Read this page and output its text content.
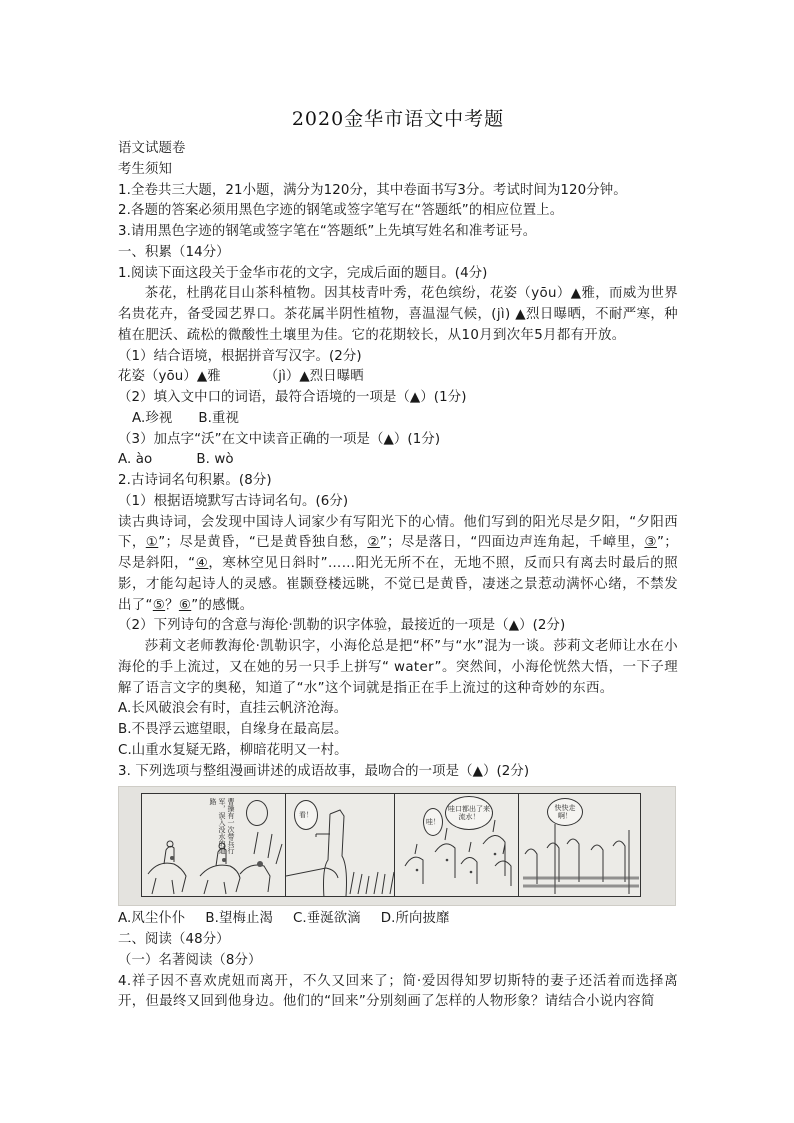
2020金华市语文中考题
语文试题卷
考生须知
1.全卷共三大题，21小题，满分为120分，其中卷面书写3分。考试时间为120分钟。
2.各题的答案必须用黑色字迹的钢笔或签字笔写在“答题纸”的相应位置上。
3.请用黑色字迹的钢笔或签字笔在“答题纸”上先填写姓名和准考证号。
一、积累（14分）
1.阅读下面这段关于金华市花的文字，完成后面的题目。(4分)
茶花，杜鹃花目山茶科植物。因其枝青叶秀，花色缤纷，花姿（yōu）▲雅，而威为世界名贵花卉，备受园艺界口。茶花属半阴性植物，喜温湿气候，(jì) ▲烈日曝晒，不耐严寒，种植在肥沃、疏松的微酸性土壤里为佳。它的花期较长，从10月到次年5月都有开放。
（1）结合语境，根据拼音写汉字。(2分)
花姿（yōu）▲雅	（jì）▲烈日曝晒
（2）填入文中口的词语，最符合语境的一项是（▲）(1分)
A.珍视 B.重视
（3）加点字“沃”在文中读音正确的一项是（▲）(1分)
A. ào	B. wò
2.古诗词名句积累。(8分)
（1）根据语境默写古诗词名句。(6分)
读古典诗词，会发现中国诗人词家少有写阳光下的心情。他们写到的阳光尽是夕阳，“夕阳西下，①”；尽是黄昏，“已是黄昏独自愁，②”；尽是落日，“四面边声连角起，千嶂里，③”；尽是斜阳，“④，寒林空见日斜时”……阳光无所不在，无地不照，反而只有离去时最后的照影，才能勾起诗人的灵感。崔颢登楼远眺，不觉已是黄昏，凄迷之景惹动满怀心绪，不禁发出了“⑤？⑥”的感慨。
（2）下列诗句的含意与海伦·凯勒的识字体验，最接近的一项是（▲）(2分)
莎莉文老师教海伦·凯勒识字，小海伦总是把“杯”与“水”混为一谈。莎莉文老师让水在小海伦的手上流过，又在她的另一只手上拼写“ water”。突然间，小海伦恍然大悟，一下子理解了语言文字的奥秘，知道了“水”这个词就是指正在手上流过的这种奇妙的东西。
A.长风破浪会有时，直挂云帆济沧海。
B.不畏浮云遮望眼，自缘身在最高层。
C.山重水复疑无路，柳暗花明又一村。
3. 下列选项与整组漫画讲述的成语故事，最吻合的一项是（▲）(2分)
曹操有一次带兵行军，误入没水的道路
看！
哇！
哇口都出了来流水！
快快走啊！
A.风尘仆仆 B.望梅止渴 C.垂涎欲滴 D.所向披靡
二、阅读（48分）
（一）名著阅读（8分）
4.祥子因不喜欢虎妞而离开，不久又回来了；简·爱因得知罗切斯特的妻子还活着而选择离开，但最终又回到他身边。他们的“回来”分别刻画了怎样的人物形象？请结合小说内容简
